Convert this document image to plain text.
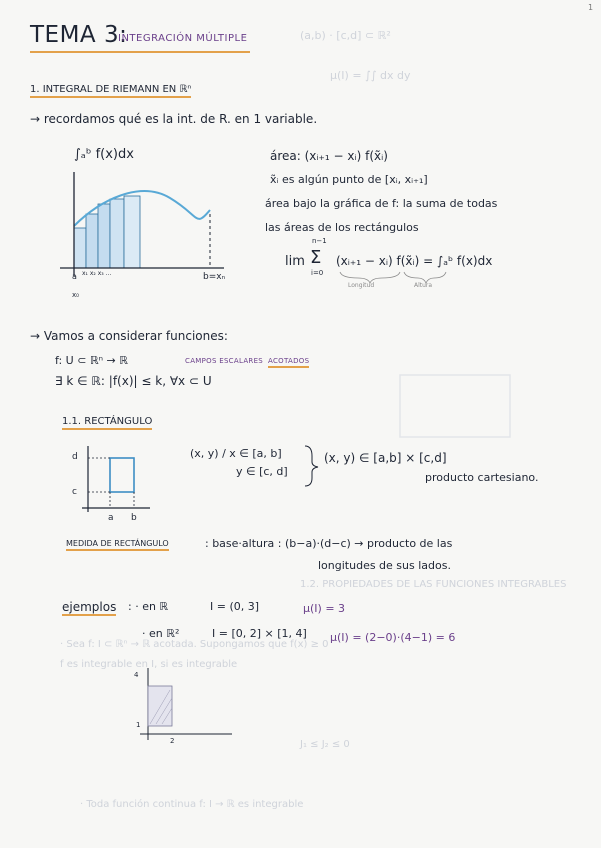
(a,b) · [c,d] ⊂ ℝ²
μ(I) = ∫∫ dx dy
1.2. PROPIEDADES DE LAS FUNCIONES INTEGRABLES
· Sea f: I ⊂ ℝⁿ → ℝ acotada. Supongamos que f(x) ≥ 0
f es integrable en I, si es integrable
J₁ ≤ J₂ ≤ 0
· Toda función continua f: I → ℝ es integrable
1
TEMA 3:
INTEGRACIÓN MÚLTIPLE
1. INTEGRAL DE RIEMANN EN ℝⁿ
→ recordamos qué es la int. de R. en 1 variable.
∫ₐᵇ f(x)dx
a x₁ x₂ x₃ ...
x₀
b=xₙ
área: (xᵢ₊₁ − xᵢ) f(x̃ᵢ)
x̃ᵢ es algún punto de [xᵢ, xᵢ₊₁]
área bajo la gráfica de f: la suma de todas
las áreas de los rectángulos
lim
n−1
Σ
i=0
(xᵢ₊₁ − xᵢ) f(x̃ᵢ) = ∫ₐᵇ f(x)dx
Longitud	Altura
→ Vamos a considerar funciones:
f: U ⊂ ℝⁿ → ℝ	CAMPOS ESCALARES ACOTADOS
∃ k ∈ ℝ: |f(x)| ≤ k, ∀x ⊂ U
1.1. RECTÁNGULO
d
c
a b
(x, y) / x ∈ [a, b]
y ∈ [c, d]
(x, y) ∈ [a,b] × [c,d]
producto cartesiano.
MEDIDA DE RECTÁNGULO	: base·altura : (b−a)·(d−c) → producto de las
longitudes de sus lados.
ejemplos : · en ℝ	I = (0, 3]	μ(I) = 3
· en ℝ²	I = [0, 2] × [1, 4] μ(I) = (2−0)·(4−1) = 6
4
1
2
